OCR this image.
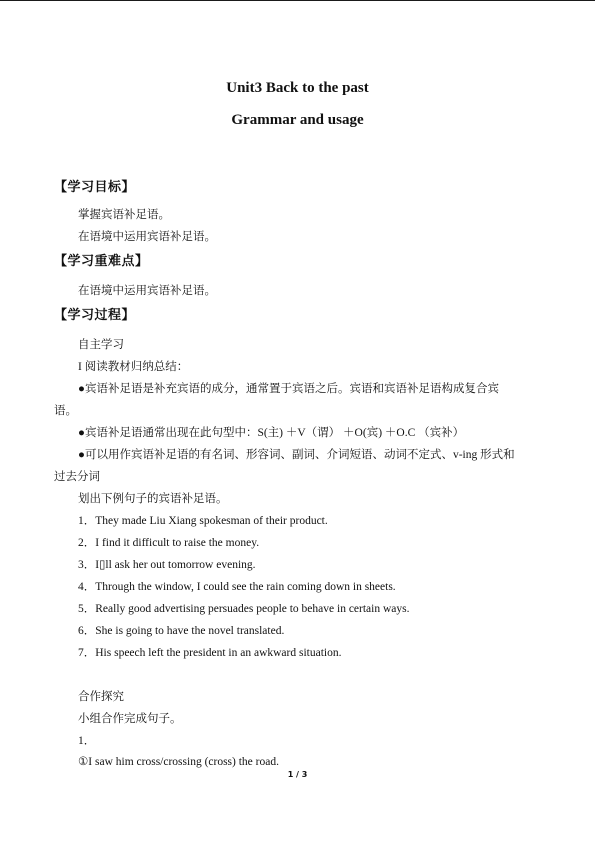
Unit3 Back to the past
Grammar and usage
【学习目标】
掌握宾语补足语。
在语境中运用宾语补足语。
【学习重难点】
在语境中运用宾语补足语。
【学习过程】
自主学习
I 阅读教材归纳总结：
●宾语补足语是补充宾语的成分，通常置于宾语之后。宾语和宾语补足语构成复合宾
语。
●宾语补足语通常出现在此句型中：S(主) ＋V（谓） ＋O(宾) ＋O.C （宾补）
●可以用作宾语补足语的有名词、形容词、副词、介词短语、动词不定式、v-ing 形式和
过去分词
划出下例句子的宾语补足语。
1．They made Liu Xiang spokesman of their product.
2．I find it difficult to raise the money.
3．I▯ll ask her out tomorrow evening.
4．Through the window, I could see the rain coming down in sheets.
5．Really good advertising persuades people to behave in certain ways.
6．She is going to have the novel translated.
7．His speech left the president in an awkward situation.
合作探究
小组合作完成句子。
1．
①I saw him cross/crossing (cross) the road.
1 / 3
